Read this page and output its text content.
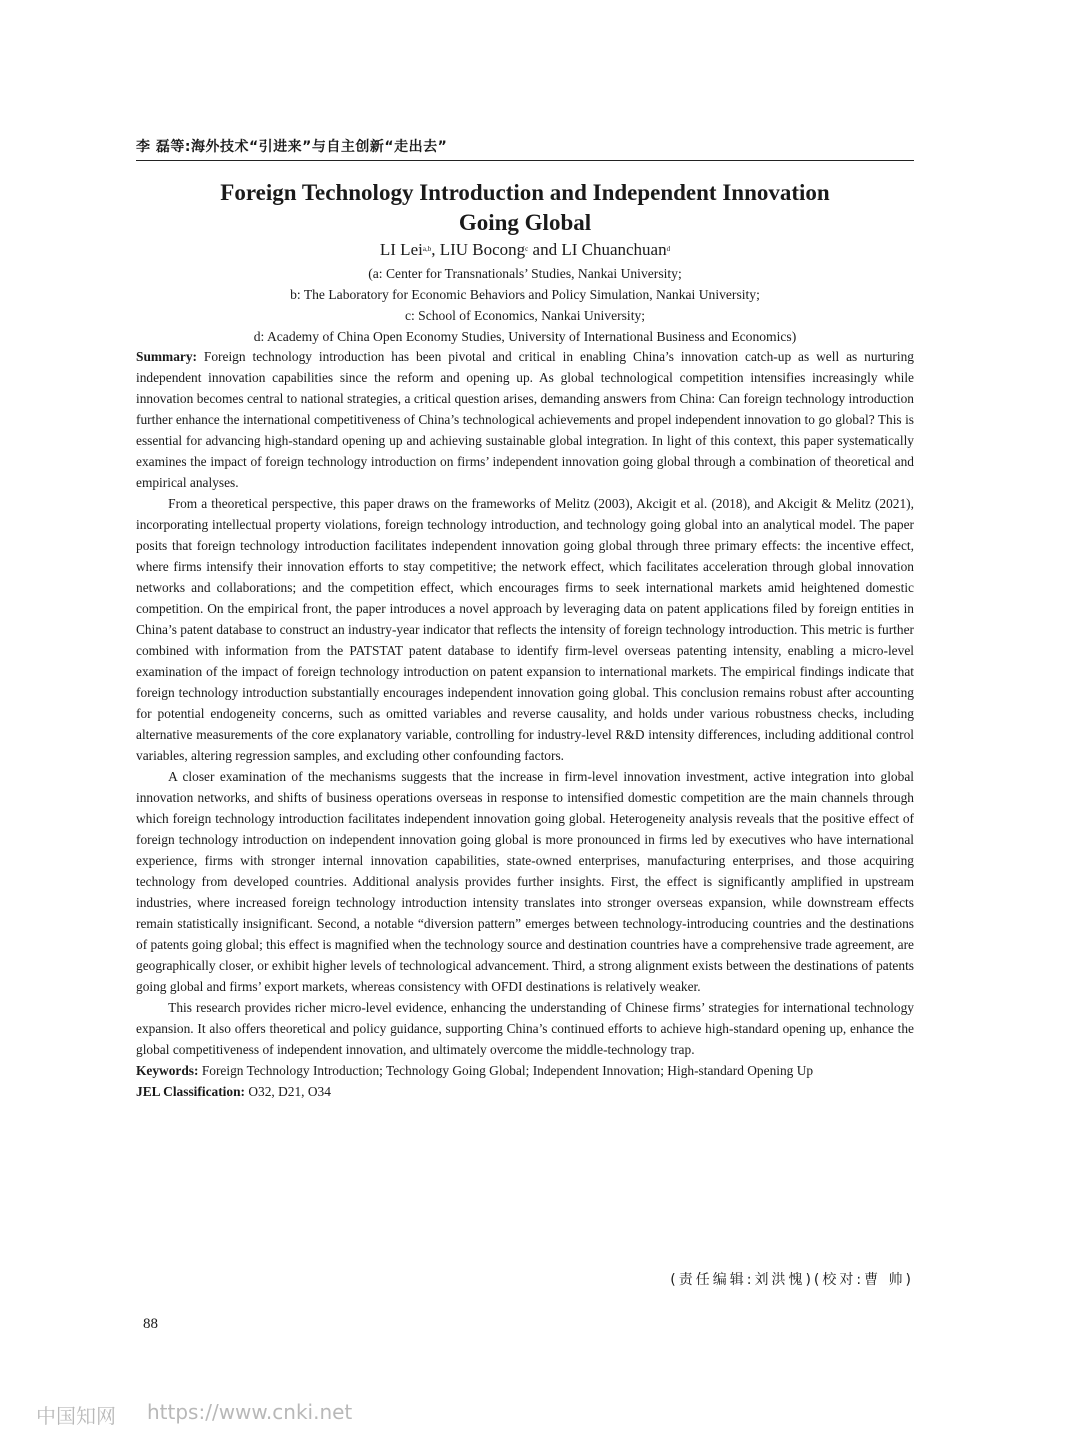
李 磊等:海外技术“引进来”与自主创新“走出去”
Foreign Technology Introduction and Independent Innovation
Going Global
LI Lei$^{a,b}$, LIU Bocong$^c$ and LI Chuanchuan$^d$
(a: Center for Transnationals’ Studies, Nankai University;
b: The Laboratory for Economic Behaviors and Policy Simulation, Nankai University;
c: School of Economics, Nankai University;
d: Academy of China Open Economy Studies, University of International Business and Economics)

Summary: Foreign technology introduction has been pivotal and critical in enabling China’s innovation catch-up as well as nurturing independent innovation capabilities since the reform and opening up. As global technological competition intensifies increasingly while innovation becomes central to national strategies, a critical question arises, demanding answers from China: Can foreign technology introduction further enhance the international competitiveness of China’s technological achievements and propel independent innovation to go global? This is essential for advancing high-standard opening up and achieving sustainable global integration. In light of this context, this paper systematically examines the impact of foreign technology introduction on firms’ independent innovation going global through a combination of theoretical and empirical analyses.

From a theoretical perspective, this paper draws on the frameworks of Melitz (2003), Akcigit et al. (2018), and Akcigit & Melitz (2021), incorporating intellectual property violations, foreign technology introduction, and technology going global into an analytical model. The paper posits that foreign technology introduction facilitates independent innovation going global through three primary effects: the incentive effect, where firms intensify their innovation efforts to stay competitive; the network effect, which facilitates acceleration through global innovation networks and collaborations; and the competition effect, which encourages firms to seek international markets amid heightened domestic competition. On the empirical front, the paper introduces a novel approach by leveraging data on patent applications filed by foreign entities in China’s patent database to construct an industry-year indicator that reflects the intensity of foreign technology introduction. This metric is further combined with information from the PATSTAT patent database to identify firm-level overseas patenting intensity, enabling a micro-level examination of the impact of foreign technology introduction on patent expansion to international markets. The empirical findings indicate that foreign technology introduction substantially encourages independent innovation going global. This conclusion remains robust after accounting for potential endogeneity concerns, such as omitted variables and reverse causality, and holds under various robustness checks, including alternative measurements of the core explanatory variable, controlling for industry-level R&D intensity differences, including additional control variables, altering regression samples, and excluding other confounding factors.

A closer examination of the mechanisms suggests that the increase in firm-level innovation investment, active integration into global innovation networks, and shifts of business operations overseas in response to intensified domestic competition are the main channels through which foreign technology introduction facilitates independent innovation going global. Heterogeneity analysis reveals that the positive effect of foreign technology introduction on independent innovation going global is more pronounced in firms led by executives who have international experience, firms with stronger internal innovation capabilities, state-owned enterprises, manufacturing enterprises, and those acquiring technology from developed countries. Additional analysis provides further insights. First, the effect is significantly amplified in upstream industries, where increased foreign technology introduction intensity translates into stronger overseas expansion, while downstream effects remain statistically insignificant. Second, a notable “diversion pattern” emerges between technology-introducing countries and the destinations of patents going global; this effect is magnified when the technology source and destination countries have a comprehensive trade agreement, are geographically closer, or exhibit higher levels of technological advancement. Third, a strong alignment exists between the destinations of patents going global and firms’ export markets, whereas consistency with OFDI destinations is relatively weaker.

This research provides richer micro-level evidence, enhancing the understanding of Chinese firms’ strategies for international technology expansion. It also offers theoretical and policy guidance, supporting China’s continued efforts to achieve high-standard opening up, enhance the global competitiveness of independent innovation, and ultimately overcome the middle-technology trap.

Keywords: Foreign Technology Introduction; Technology Going Global; Independent Innovation; High-standard Opening Up

JEL Classification: O32, D21, O34

(责任编辑:刘洪愧)(校对:曹 帅)
88
中国知网 https://www.cnki.net
